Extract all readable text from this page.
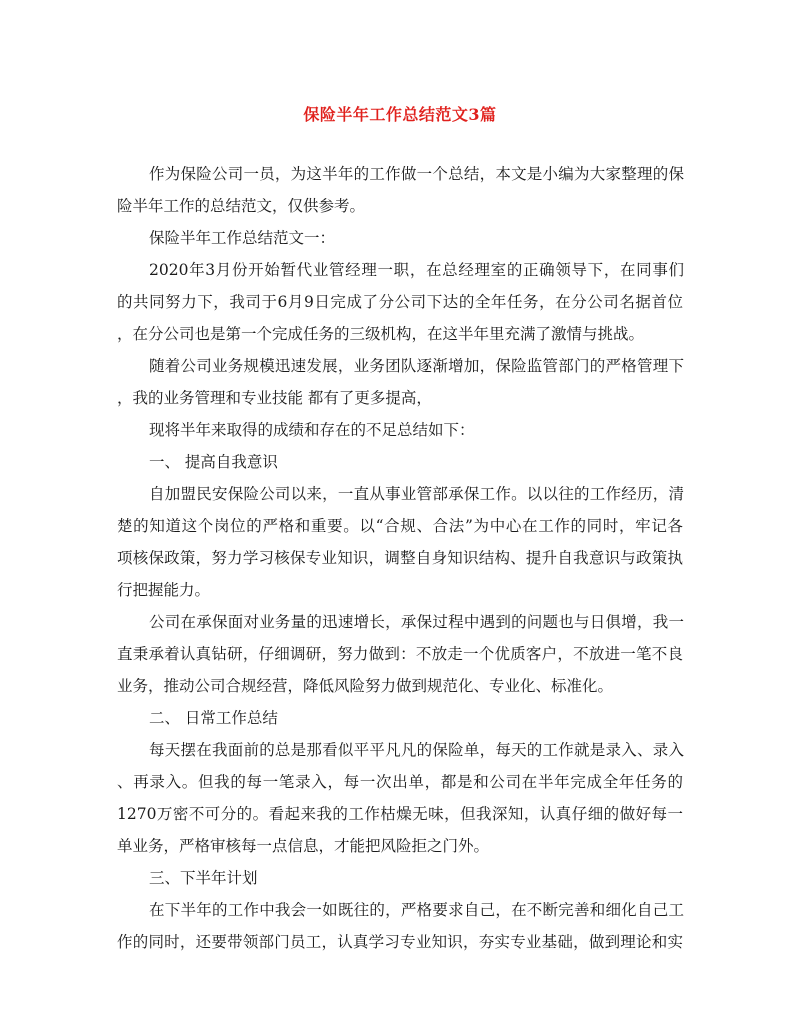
保险半年工作总结范文3篇
作为保险公司一员，为这半年的工作做一个总结，本文是小编为大家整理的保
险半年工作的总结范文，仅供参考。
保险半年工作总结范文一：
2020年3月份开始暂代业管经理一职，在总经理室的正确领导下，在同事们
的共同努力下，我司于6月9日完成了分公司下达的全年任务，在分公司名据首位
，在分公司也是第一个完成任务的三级机构，在这半年里充满了激情与挑战。
随着公司业务规模迅速发展，业务团队逐渐增加，保险监管部门的严格管理下
，我的业务管理和专业技能 都有了更多提高，
现将半年来取得的成绩和存在的不足总结如下：
一、 提高自我意识
自加盟民安保险公司以来，一直从事业管部承保工作。以以往的工作经历，清
楚的知道这个岗位的严格和重要。以“合规、合法”为中心在工作的同时，牢记各
项核保政策，努力学习核保专业知识，调整自身知识结构、提升自我意识与政策执
行把握能力。
公司在承保面对业务量的迅速增长，承保过程中遇到的问题也与日俱增，我一
直秉承着认真钻研，仔细调研，努力做到：不放走一个优质客户，不放进一笔不良
业务，推动公司合规经营，降低风险努力做到规范化、专业化、标准化。
二、 日常工作总结
每天摆在我面前的总是那看似平平凡凡的保险单，每天的工作就是录入、录入
、再录入。但我的每一笔录入，每一次出单，都是和公司在半年完成全年任务的
1270万密不可分的。看起来我的工作枯燥无味，但我深知，认真仔细的做好每一
单业务，严格审核每一点信息，才能把风险拒之门外。
三、下半年计划
在下半年的工作中我会一如既往的，严格要求自己，在不断完善和细化自己工
作的同时，还要带领部门员工，认真学习专业知识，夯实专业基础，做到理论和实
